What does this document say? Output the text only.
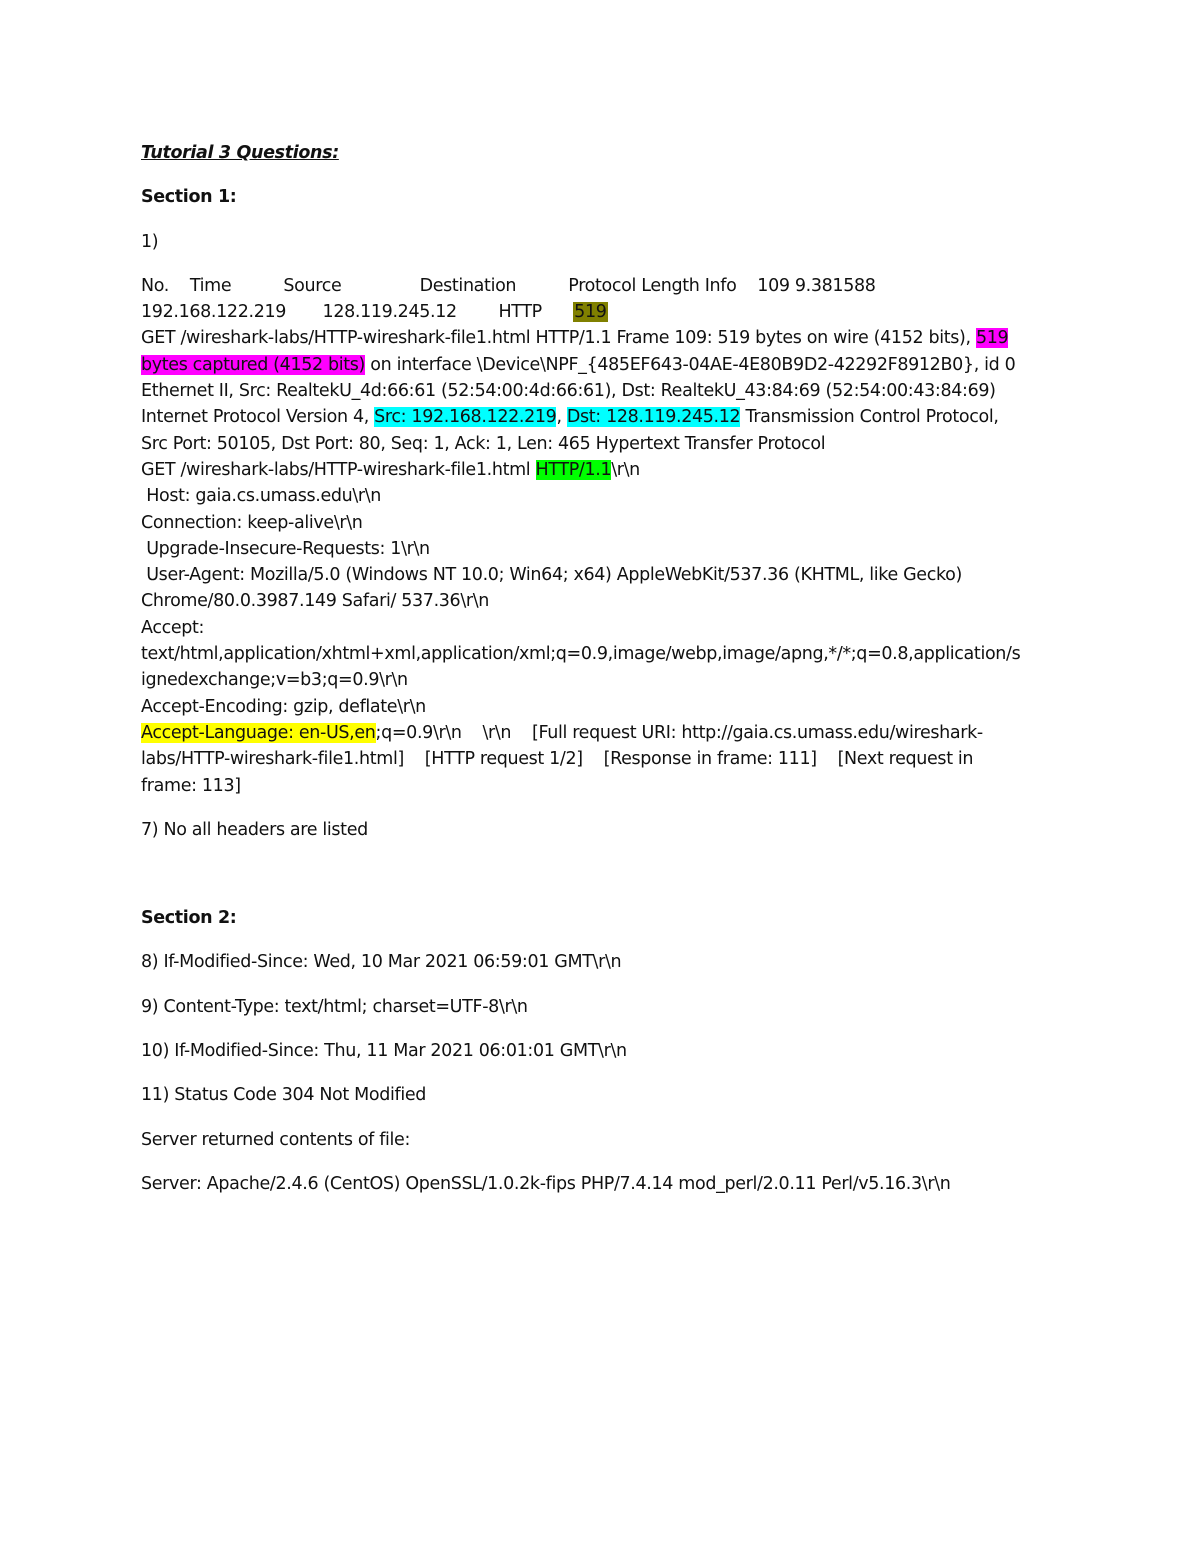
Tutorial 3 Questions:
Section 1:
1)
No.    Time          Source               Destination          Protocol Length Info    109 9.381588
192.168.122.219       128.119.245.12        HTTP      519
GET /wireshark-labs/HTTP-wireshark-file1.html HTTP/1.1 Frame 109: 519 bytes on wire (4152 bits), 519
bytes captured (4152 bits) on interface \Device\NPF_{485EF643-04AE-4E80B9D2-42292F8912B0}, id 0
Ethernet II, Src: RealtekU_4d:66:61 (52:54:00:4d:66:61), Dst: RealtekU_43:84:69 (52:54:00:43:84:69)
Internet Protocol Version 4, Src: 192.168.122.219, Dst: 128.119.245.12 Transmission Control Protocol,
Src Port: 50105, Dst Port: 80, Seq: 1, Ack: 1, Len: 465 Hypertext Transfer Protocol
GET /wireshark-labs/HTTP-wireshark-file1.html HTTP/1.1\r\n
Host: gaia.cs.umass.edu\r\n
Connection: keep-alive\r\n
Upgrade-Insecure-Requests: 1\r\n
User-Agent: Mozilla/5.0 (Windows NT 10.0; Win64; x64) AppleWebKit/537.36 (KHTML, like Gecko)
Chrome/80.0.3987.149 Safari/ 537.36\r\n
Accept:
text/html,application/xhtml+xml,application/xml;q=0.9,image/webp,image/apng,*/*;q=0.8,application/s
ignedexchange;v=b3;q=0.9\r\n
Accept-Encoding: gzip, deflate\r\n
Accept-Language: en-US,en;q=0.9\r\n    \r\n    [Full request URI: http://gaia.cs.umass.edu/wireshark-
labs/HTTP-wireshark-file1.html]    [HTTP request 1/2]    [Response in frame: 111]    [Next request in
frame: 113]
7) No all headers are listed
Section 2:
8) If-Modified-Since: Wed, 10 Mar 2021 06:59:01 GMT\r\n
9) Content-Type: text/html; charset=UTF-8\r\n
10) If-Modified-Since: Thu, 11 Mar 2021 06:01:01 GMT\r\n
11) Status Code 304 Not Modified
Server returned contents of file:
Server: Apache/2.4.6 (CentOS) OpenSSL/1.0.2k-fips PHP/7.4.14 mod_perl/2.0.11 Perl/v5.16.3\r\n
